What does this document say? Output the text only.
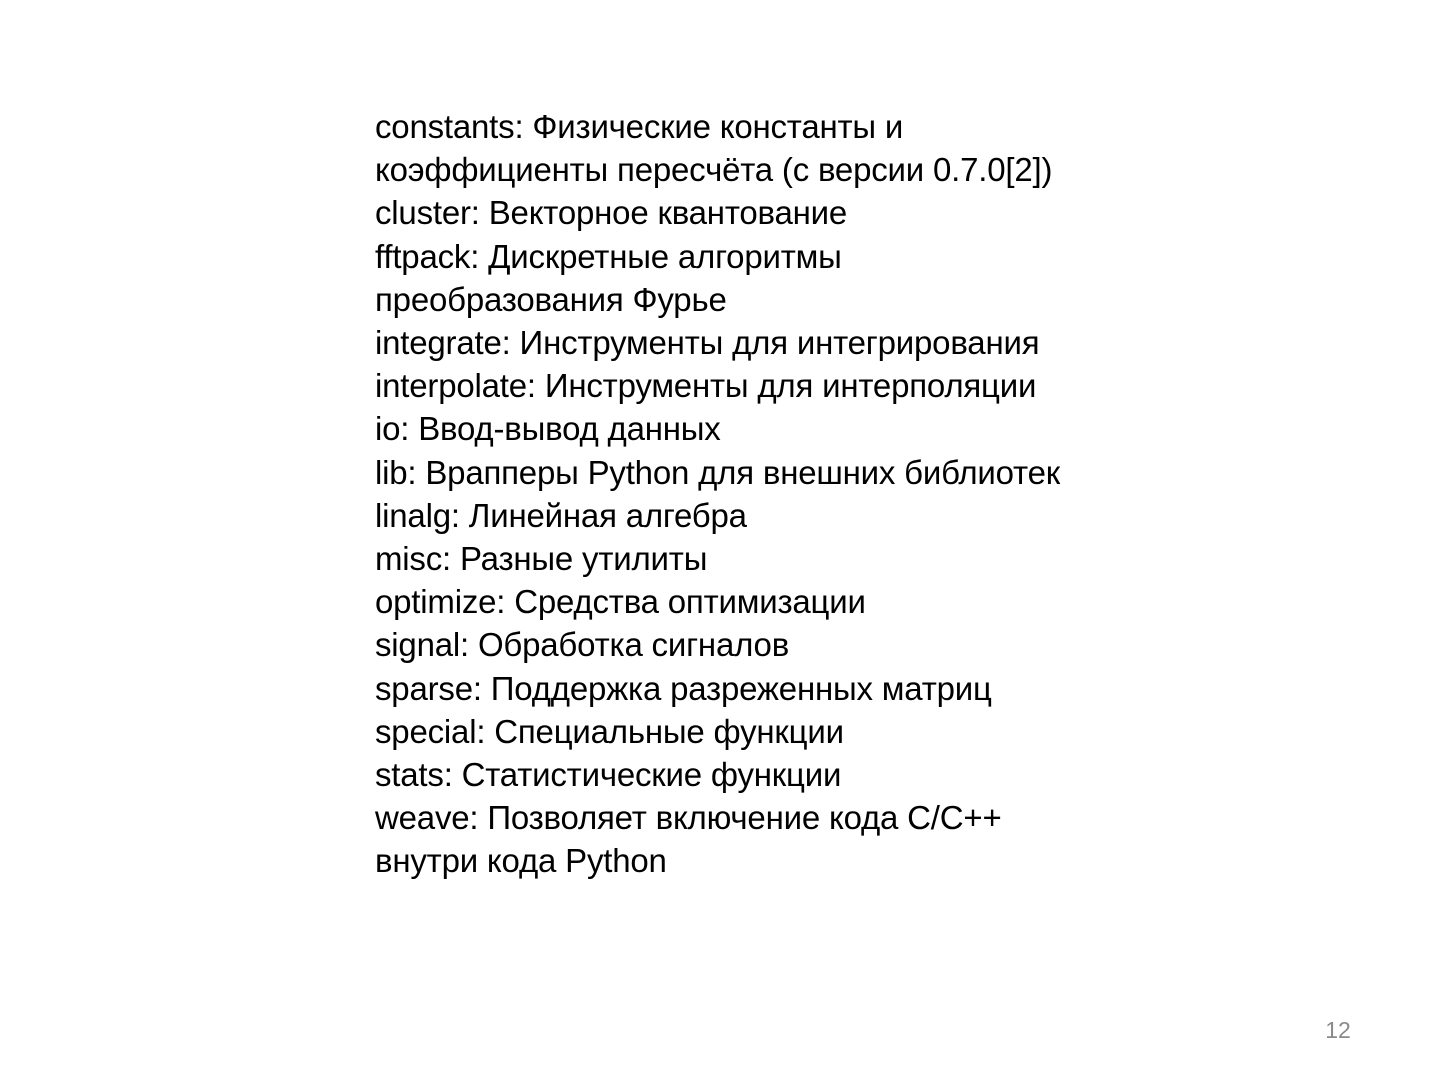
constants: Физические константы и коэффициенты пересчёта (с версии 0.7.0[2])

cluster: Векторное квантование

fftpack: Дискретные алгоритмы преобразования Фурье

integrate: Инструменты для интегрирования

interpolate: Инструменты для интерполяции

io: Ввод-вывод данных

lib: Врапперы Python для внешних библиотек

linalg: Линейная алгебра

misc: Разные утилиты

optimize: Средства оптимизации

signal: Обработка сигналов

sparse: Поддержка разреженных матриц

special: Специальные функции

stats: Статистические функции

weave: Позволяет включение кода C/C++ внутри кода Python

12
